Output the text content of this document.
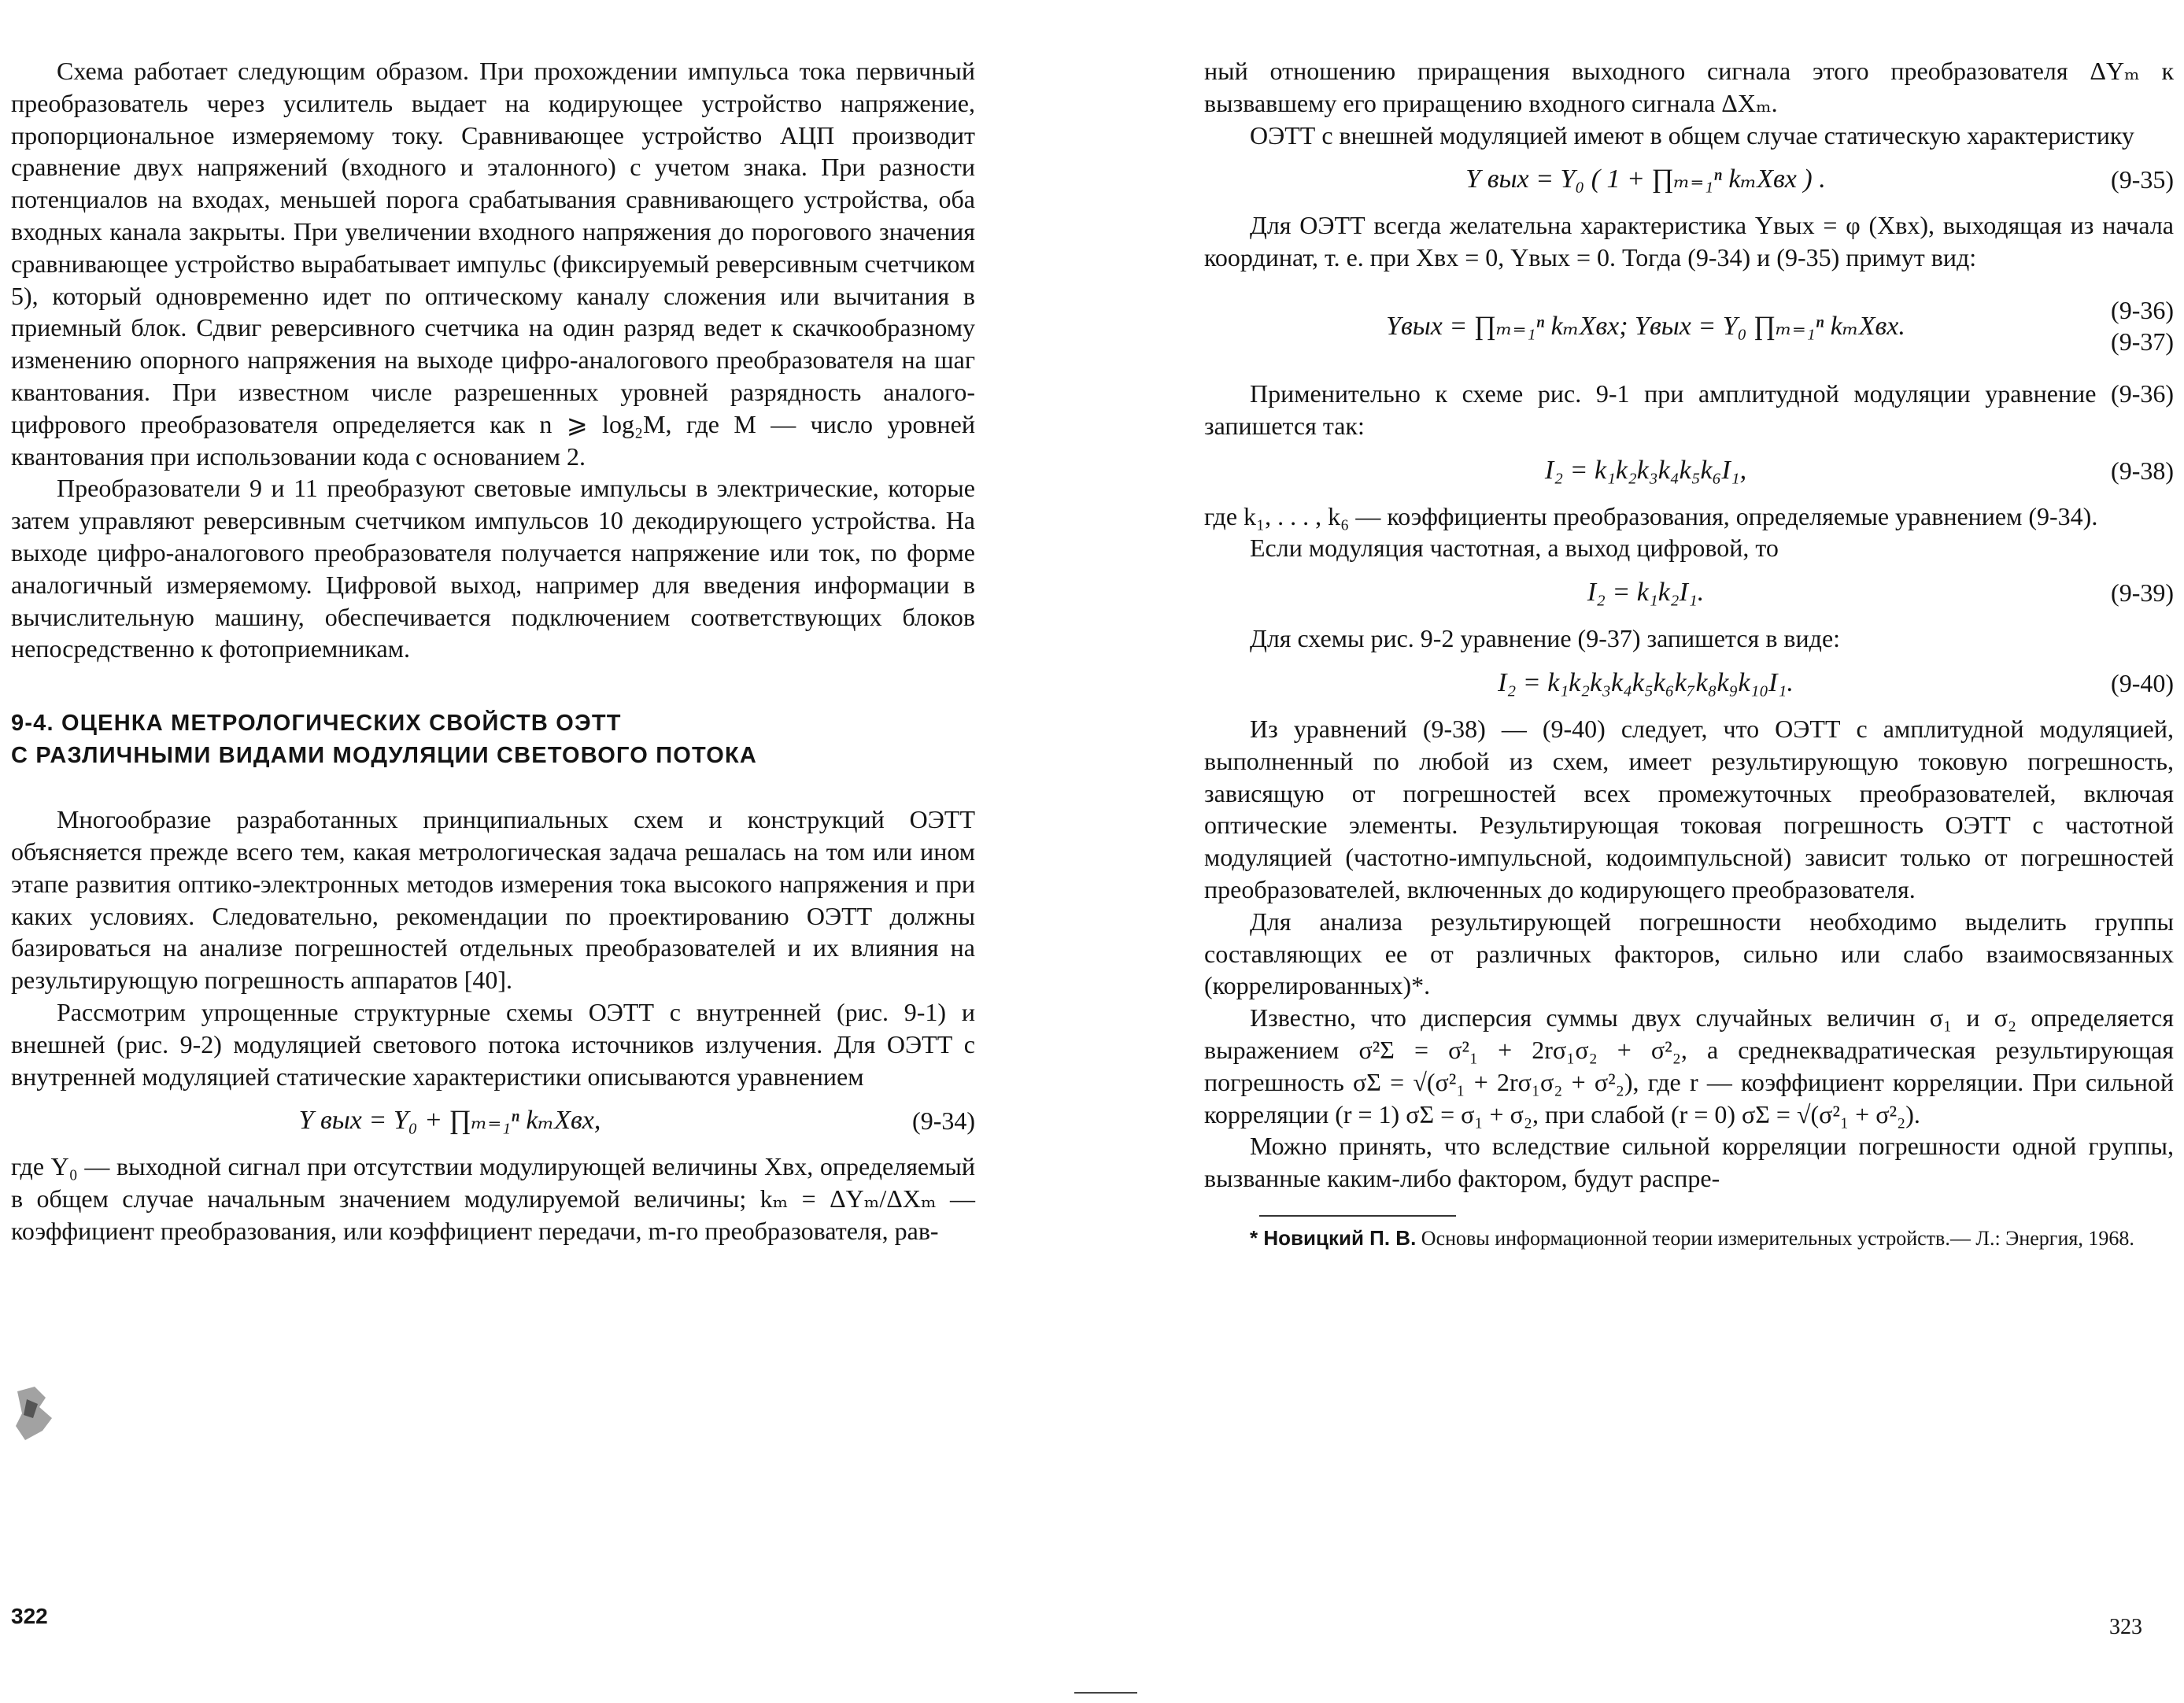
Схема работает следующим образом. При прохождении импульса тока первичный преобразователь через усилитель выдает на кодирующее устройство напряжение, пропорциональное измеряемому току. Сравнивающее устройство АЦП производит сравнение двух напряжений (входного и эталонного) с учетом знака. При разности потенциалов на входах, меньшей порога срабатывания сравнивающего устройства, оба входных канала закрыты. При увеличении входного напряжения до порогового значения сравнивающее устройство вырабатывает импульс (фиксируемый реверсивным счетчиком 5), который одновременно идет по оптическому каналу сложения или вычитания в приемный блок. Сдвиг реверсивного счетчика на один разряд ведет к скачкообразному изменению опорного напряжения на выходе цифро-аналогового преобразователя на шаг квантования. При известном числе разрешенных уровней разрядность аналого-цифрового преобразователя определяется как n ⩾ log₂M, где M — число уровней квантования при использовании кода с основанием 2.

Преобразователи 9 и 11 преобразуют световые импульсы в электрические, которые затем управляют реверсивным счетчиком импульсов 10 декодирующего устройства. На выходе цифро-аналогового преобразователя получается напряжение или ток, по форме аналогичный измеряемому. Цифровой выход, например для введения информации в вычислительную машину, обеспечивается подключением соответствующих блоков непосредственно к фотоприемникам.

9-4. ОЦЕНКА МЕТРОЛОГИЧЕСКИХ СВОЙСТВ ОЭТТ
С РАЗЛИЧНЫМИ ВИДАМИ МОДУЛЯЦИИ СВЕТОВОГО ПОТОКА

Многообразие разработанных принципиальных схем и конструкций ОЭТТ объясняется прежде всего тем, какая метрологическая задача решалась на том или ином этапе развития оптико-электронных методов измерения тока высокого напряжения и при каких условиях. Следовательно, рекомендации по проектированию ОЭТТ должны базироваться на анализе погрешностей отдельных преобразователей и их влияния на результирующую погрешность аппаратов [40].

Рассмотрим упрощенные структурные схемы ОЭТТ с внутренней (рис. 9-1) и внешней (рис. 9-2) модуляцией светового потока источников излучения. Для ОЭТТ с внутренней модуляцией статические характеристики описываются уравнением

Y вых = Y₀ + ∏ₘ₌₁ⁿ kₘXвх,	(9-34)

где Y₀ — выходной сигнал при отсутствии модулирующей величины Xвх, определяемый в общем случае начальным значением модулируемой величины; kₘ = ΔYₘ/ΔXₘ — коэффициент преобразования, или коэффициент передачи, m-го преобразователя, рав-

ный отношению приращения выходного сигнала этого преобразователя ΔYₘ к вызвавшему его приращению входного сигнала ΔXₘ.

ОЭТТ с внешней модуляцией имеют в общем случае статическую характеристику

Y вых = Y₀ ( 1 + ∏ₘ₌₁ⁿ kₘXвх ) .	(9-35)

Для ОЭТТ всегда желательна характеристика Yвых = φ (Xвх), выходящая из начала координат, т. е. при Xвх = 0, Yвых = 0. Тогда (9-34) и (9-35) примут вид:

Yвых = ∏ₘ₌₁ⁿ kₘXвх; Yвых = Y₀ ∏ₘ₌₁ⁿ kₘXвх.
(9-36)
(9-37)

Применительно к схеме рис. 9-1 при амплитудной модуляции уравнение (9-36) запишется так:

I₂ = k₁k₂k₃k₄k₅k₆I₁,	(9-38)

где k₁, . . . , k₆ — коэффициенты преобразования, определяемые уравнением (9-34).

Если модуляция частотная, а выход цифровой, то

I₂ = k₁k₂I₁.	(9-39)

Для схемы рис. 9-2 уравнение (9-37) запишется в виде:

I₂ = k₁k₂k₃k₄k₅k₆k₇k₈k₉k₁₀I₁.	(9-40)

Из уравнений (9-38) — (9-40) следует, что ОЭТТ с амплитудной модуляцией, выполненный по любой из схем, имеет результирующую токовую погрешность, зависящую от погрешностей всех промежуточных преобразователей, включая оптические элементы. Результирующая токовая погрешность ОЭТТ с частотной модуляцией (частотно-импульсной, кодоимпульсной) зависит только от погрешностей преобразователей, включенных до кодирующего преобразователя.

Для анализа результирующей погрешности необходимо выделить группы составляющих ее от различных факторов, сильно или слабо взаимосвязанных (коррелированных)*.

Известно, что дисперсия суммы двух случайных величин σ₁ и σ₂ определяется выражением σ²Σ = σ²₁ + 2rσ₁σ₂ + σ²₂, а среднеквадратическая результирующая погрешность σΣ = √(σ²₁ + 2rσ₁σ₂ + σ²₂), где r — коэффициент корреляции. При сильной корреляции (r = 1) σΣ = σ₁ + σ₂, при слабой (r = 0) σΣ = √(σ²₁ + σ²₂).

Можно принять, что вследствие сильной корреляции погрешности одной группы, вызванные каким-либо фактором, будут распре-

* Новицкий П. В. Основы информационной теории измерительных устройств.— Л.: Энергия, 1968.

322	323
